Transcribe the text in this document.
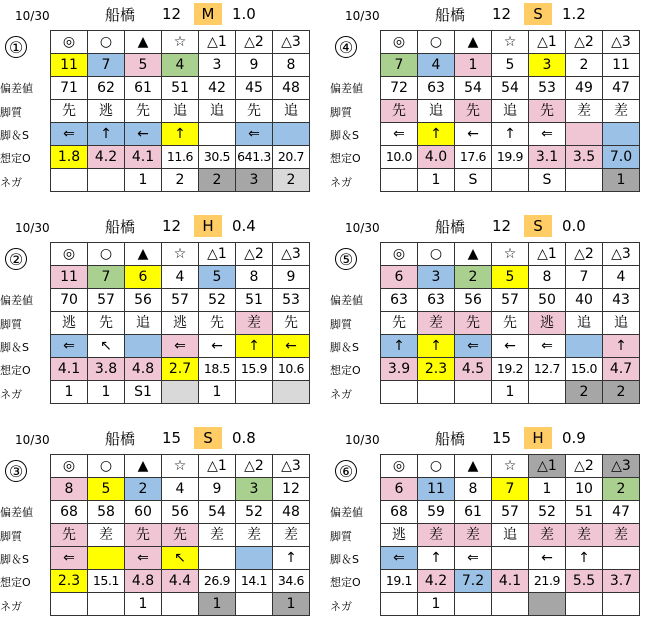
10/30	船橋 12	M	1.0
①
偏差値
脚質
脚＆S
想定O
ネガ
◎	○	▲	☆	△1	△2	△3
11	7	5	4	3	9	8
71	62	61	51	42	45	48
先	逃	先	追	追	先	追
⇐	↑	←	↑		⇐	
1.8	4.2	4.1	11.6	30.5	641.3	20.7
		1	2	2	3	2
10/30	船橋 12	S	1.2
④
偏差値
脚質
脚＆S
想定O
ネガ
◎	○	▲	☆	△1	△2	△3
7	4	1	5	3	2	11
72	63	54	54	53	49	47
先	追	先	追	先	差	差
⇐	↑	←	↑	⇐		
10.0	4.0	17.6	19.9	3.1	3.5	7.0
	1	S		S		1
10/30	船橋 12	H	0.4
②
偏差値
脚質
脚＆S
想定O
ネガ
◎	○	▲	☆	△1	△2	△3
11	7	6	4	5	8	9
70	57	56	57	52	51	53
逃	先	追	逃	先	差	先
⇐	↖		⇐	←	↑	←
4.1	3.8	4.8	2.7	18.5	15.9	10.6
1	1	S1		1		
10/30	船橋 12	S	0.0
⑤
偏差値
脚質
脚＆S
想定O
ネガ
◎	○	▲	☆	△1	△2	△3
6	3	2	5	8	7	4
63	63	56	57	50	40	43
先	差	先	先	逃	追	追
↑	↑	⇐	←	⇐		↑
3.9	2.3	4.5	19.2	12.7	15.0	4.7
			1		2	2
10/30	船橋 15	S	0.8
③
偏差値
脚質
脚＆S
想定O
ネガ
◎	○	▲	☆	△1	△2	△3
8	5	2	4	9	3	12
68	58	60	56	54	52	48
先	差	先	先	差	差	差
⇐		⇐	↖			↑
2.3	15.1	4.8	4.4	26.9	14.1	34.6
		1		1		1
10/30	船橋 15	H	0.9
⑥
偏差値
脚質
脚＆S
想定O
ネガ
◎	○	▲	☆	△1	△2	△3
6	11	8	7	1	10	2
68	59	61	57	52	51	47
逃	差	差	追	差	差	差
⇐	↑	⇐		←	↑	
19.1	4.2	7.2	4.1	21.9	5.5	3.7
	1					
